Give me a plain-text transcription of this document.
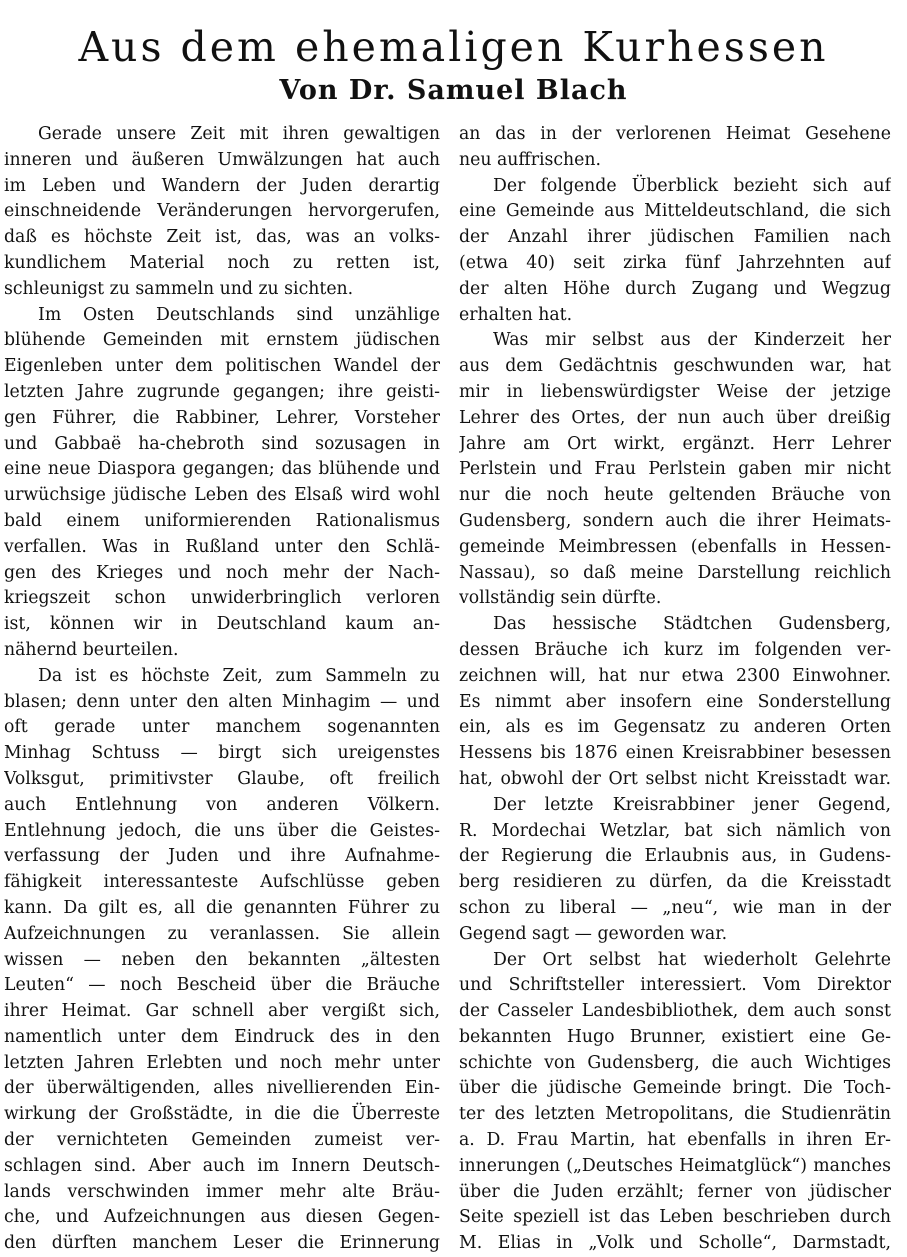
Aus dem ehemaligen Kurhessen
Von Dr. Samuel Blach
Gerade unsere Zeit mit ihren gewaltigen
inneren und äußeren Umwälzungen hat auch
im Leben und Wandern der Juden derartig
einschneidende Veränderungen hervorgerufen,
daß es höchste Zeit ist, das, was an volks-
kundlichem Material noch zu retten ist,
schleunigst zu sammeln und zu sichten.
Im Osten Deutschlands sind unzählige
blühende Gemeinden mit ernstem jüdischen
Eigenleben unter dem politischen Wandel der
letzten Jahre zugrunde gegangen; ihre geisti-
gen Führer, die Rabbiner, Lehrer, Vorsteher
und Gabbaë ha-chebroth sind sozusagen in
eine neue Diaspora gegangen; das blühende und
urwüchsige jüdische Leben des Elsaß wird wohl
bald einem uniformierenden Rationalismus
verfallen. Was in Rußland unter den Schlä-
gen des Krieges und noch mehr der Nach-
kriegszeit schon unwiderbringlich verloren
ist, können wir in Deutschland kaum an-
nähernd beurteilen.
Da ist es höchste Zeit, zum Sammeln zu
blasen; denn unter den alten Minhagim — und
oft gerade unter manchem sogenannten
Minhag Schtuss — birgt sich ureigenstes
Volksgut, primitivster Glaube, oft freilich
auch Entlehnung von anderen Völkern.
Entlehnung jedoch, die uns über die Geistes-
verfassung der Juden und ihre Aufnahme-
fähigkeit interessanteste Aufschlüsse geben
kann. Da gilt es, all die genannten Führer zu
Aufzeichnungen zu veranlassen. Sie allein
wissen — neben den bekannten „ältesten
Leuten“ — noch Bescheid über die Bräuche
ihrer Heimat. Gar schnell aber vergißt sich,
namentlich unter dem Eindruck des in den
letzten Jahren Erlebten und noch mehr unter
der überwältigenden, alles nivellierenden Ein-
wirkung der Großstädte, in die die Überreste
der vernichteten Gemeinden zumeist ver-
schlagen sind. Aber auch im Innern Deutsch-
lands verschwinden immer mehr alte Bräu-
che, und Aufzeichnungen aus diesen Gegen-
den dürften manchem Leser die Erinnerung
an das in der verlorenen Heimat Gesehene
neu auffrischen.
Der folgende Überblick bezieht sich auf
eine Gemeinde aus Mitteldeutschland, die sich
der Anzahl ihrer jüdischen Familien nach
(etwa 40) seit zirka fünf Jahrzehnten auf
der alten Höhe durch Zugang und Wegzug
erhalten hat.
Was mir selbst aus der Kinderzeit her
aus dem Gedächtnis geschwunden war, hat
mir in liebenswürdigster Weise der jetzige
Lehrer des Ortes, der nun auch über dreißig
Jahre am Ort wirkt, ergänzt. Herr Lehrer
Perlstein und Frau Perlstein gaben mir nicht
nur die noch heute geltenden Bräuche von
Gudensberg, sondern auch die ihrer Heimats-
gemeinde Meimbressen (ebenfalls in Hessen-
Nassau), so daß meine Darstellung reichlich
vollständig sein dürfte.
Das hessische Städtchen Gudensberg,
dessen Bräuche ich kurz im folgenden ver-
zeichnen will, hat nur etwa 2300 Einwohner.
Es nimmt aber insofern eine Sonderstellung
ein, als es im Gegensatz zu anderen Orten
Hessens bis 1876 einen Kreisrabbiner besessen
hat, obwohl der Ort selbst nicht Kreisstadt war.
Der letzte Kreisrabbiner jener Gegend,
R. Mordechai Wetzlar, bat sich nämlich von
der Regierung die Erlaubnis aus, in Gudens-
berg residieren zu dürfen, da die Kreisstadt
schon zu liberal — „neu“, wie man in der
Gegend sagt — geworden war.
Der Ort selbst hat wiederholt Gelehrte
und Schriftsteller interessiert. Vom Direktor
der Casseler Landesbibliothek, dem auch sonst
bekannten Hugo Brunner, existiert eine Ge-
schichte von Gudensberg, die auch Wichtiges
über die jüdische Gemeinde bringt. Die Toch-
ter des letzten Metropolitans, die Studienrätin
a. D. Frau Martin, hat ebenfalls in ihren Er-
innerungen („Deutsches Heimatglück“) manches
über die Juden erzählt; ferner von jüdischer
Seite speziell ist das Leben beschrieben durch
M. Elias in „Volk und Scholle“, Darmstadt,
